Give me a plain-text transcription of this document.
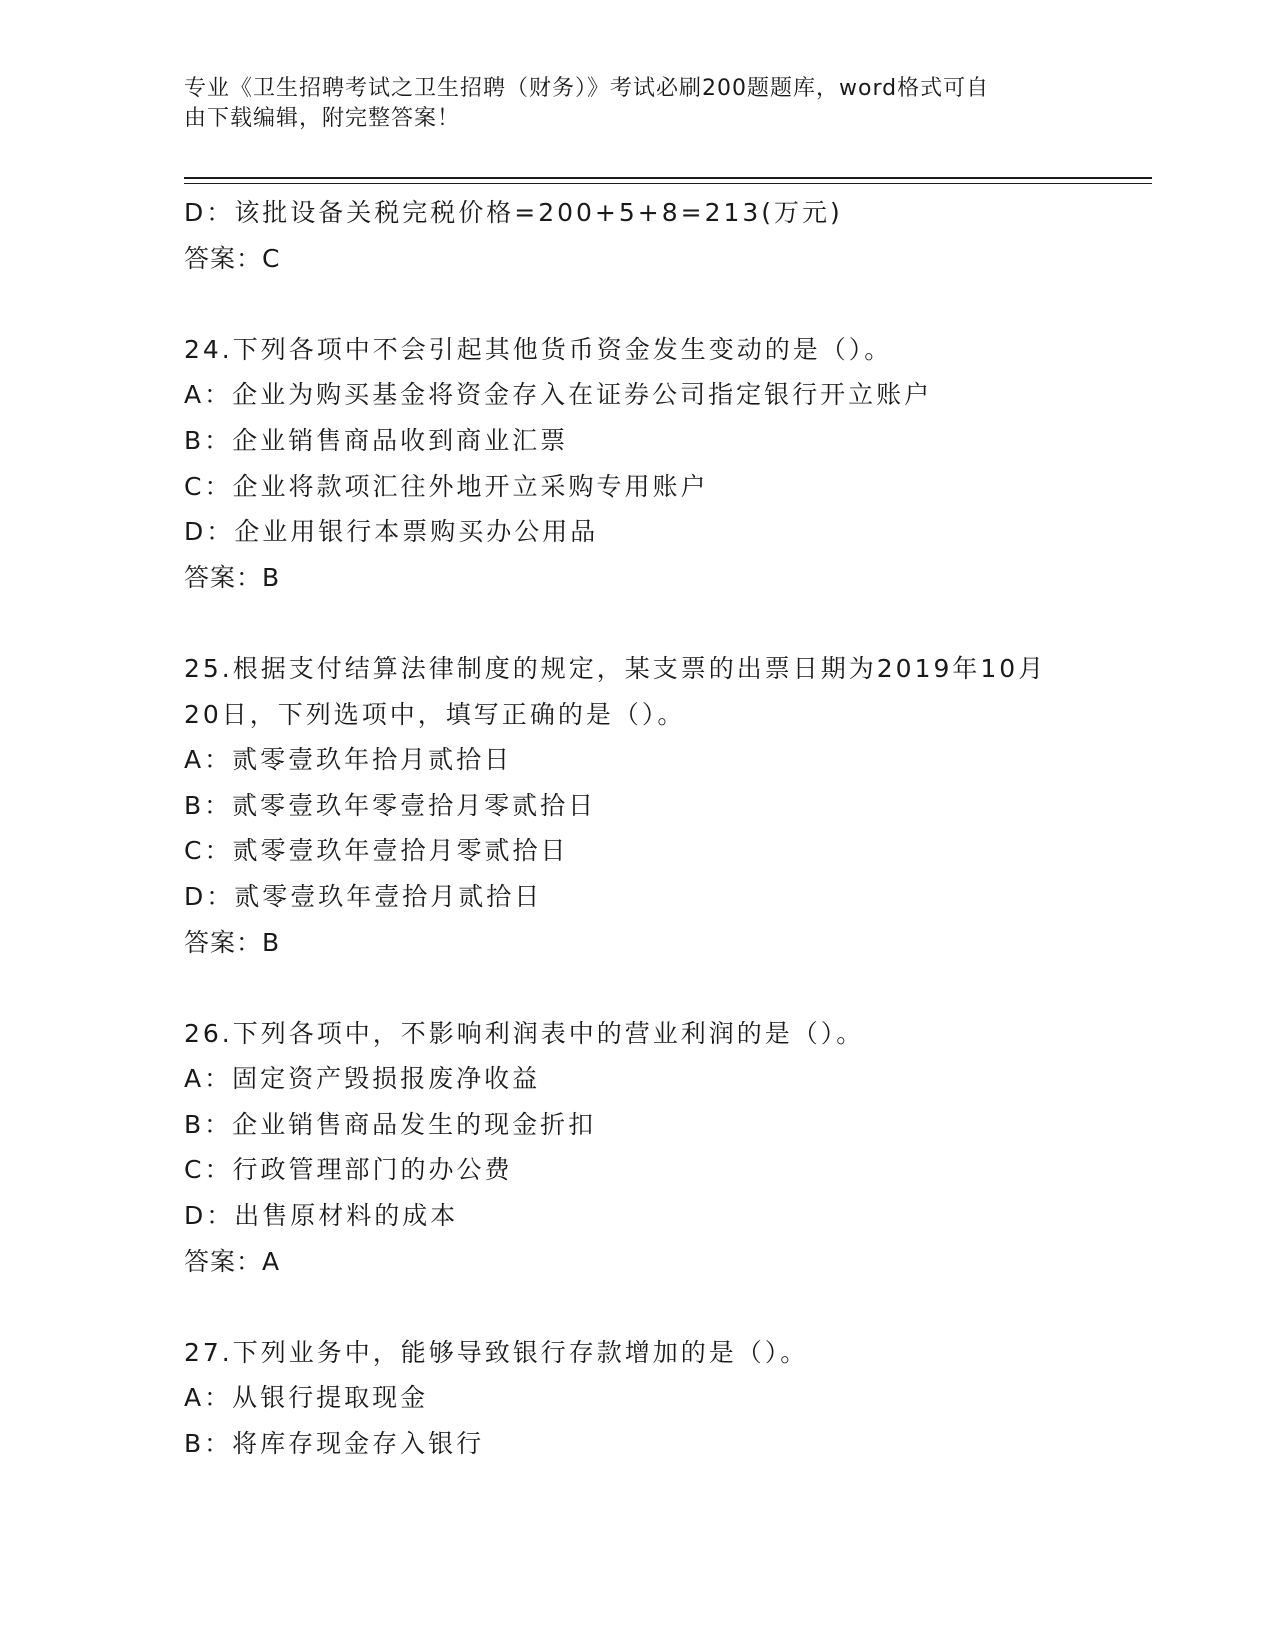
专业《卫生招聘考试之卫生招聘（财务）》考试必刷200题题库，word格式可自
由下载编辑，附完整答案！
D：该批设备关税完税价格=200+5+8=213(万元)
答案：C
24.下列各项中不会引起其他货币资金发生变动的是（）。
A：企业为购买基金将资金存入在证券公司指定银行开立账户
B：企业销售商品收到商业汇票
C：企业将款项汇往外地开立采购专用账户
D：企业用银行本票购买办公用品
答案：B
25.根据支付结算法律制度的规定，某支票的出票日期为2019年10月
20日，下列选项中，填写正确的是（）。
A：贰零壹玖年拾月贰拾日
B：贰零壹玖年零壹拾月零贰拾日
C：贰零壹玖年壹拾月零贰拾日
D：贰零壹玖年壹拾月贰拾日
答案：B
26.下列各项中，不影响利润表中的营业利润的是（）。
A：固定资产毁损报废净收益
B：企业销售商品发生的现金折扣
C：行政管理部门的办公费
D：出售原材料的成本
答案：A
27.下列业务中，能够导致银行存款增加的是（）。
A：从银行提取现金
B：将库存现金存入银行
